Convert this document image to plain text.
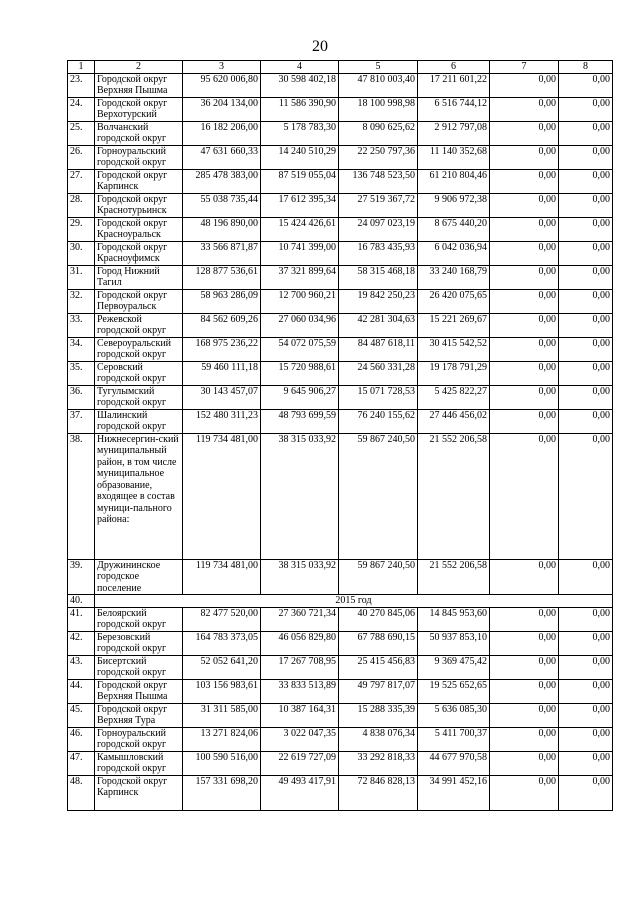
20
1	2	3	4	5	6	7	8
23.	Городской округ Верхняя Пышма	95 620 006,80	30 598 402,18	47 810 003,40	17 211 601,22	0,00	0,00
24.	Городской округ Верхотурский	36 204 134,00	11 586 390,90	18 100 998,98	6 516 744,12	0,00	0,00
25.	Волчанский городской округ	16 182 206,00	5 178 783,30	8 090 625,62	2 912 797,08	0,00	0,00
26.	Горноуральский городской округ	47 631 660,33	14 240 510,29	22 250 797,36	11 140 352,68	0,00	0,00
27.	Городской округ Карпинск	285 478 383,00	87 519 055,04	136 748 523,50	61 210 804,46	0,00	0,00
28.	Городской округ Краснотурьинск	55 038 735,44	17 612 395,34	27 519 367,72	9 906 972,38	0,00	0,00
29.	Городской округ Красноуральск	48 196 890,00	15 424 426,61	24 097 023,19	8 675 440,20	0,00	0,00
30.	Городской округ Красноуфимск	33 566 871,87	10 741 399,00	16 783 435,93	6 042 036,94	0,00	0,00
31.	Город Нижний Тагил	128 877 536,61	37 321 899,64	58 315 468,18	33 240 168,79	0,00	0,00
32.	Городской округ Первоуральск	58 963 286,09	12 700 960,21	19 842 250,23	26 420 075,65	0,00	0,00
33.	Режевской городской округ	84 562 609,26	27 060 034,96	42 281 304,63	15 221 269,67	0,00	0,00
34.	Североуральский городской округ	168 975 236,22	54 072 075,59	84 487 618,11	30 415 542,52	0,00	0,00
35.	Серовский городской округ	59 460 111,18	15 720 988,61	24 560 331,28	19 178 791,29	0,00	0,00
36.	Тугулымский городской округ	30 143 457,07	9 645 906,27	15 071 728,53	5 425 822,27	0,00	0,00
37.	Шалинский городской округ	152 480 311,23	48 793 699,59	76 240 155,62	27 446 456,02	0,00	0,00
38.	Нижнесергин-ский муниципальный район, в том числе муниципальное образование, входящее в состав муници-пального района:	119 734 481,00	38 315 033,92	59 867 240,50	21 552 206,58	0,00	0,00
39.	Дружининское городское поселение	119 734 481,00	38 315 033,92	59 867 240,50	21 552 206,58	0,00	0,00
40.	2015 год						
41.	Белоярский городской округ	82 477 520,00	27 360 721,34	40 270 845,06	14 845 953,60	0,00	0,00
42.	Березовский городской округ	164 783 373,05	46 056 829,80	67 788 690,15	50 937 853,10	0,00	0,00
43.	Бисертский городской округ	52 052 641,20	17 267 708,95	25 415 456,83	9 369 475,42	0,00	0,00
44.	Городской округ Верхняя Пышма	103 156 983,61	33 833 513,89	49 797 817,07	19 525 652,65	0,00	0,00
45.	Городской округ Верхняя Тура	31 311 585,00	10 387 164,31	15 288 335,39	5 636 085,30	0,00	0,00
46.	Горноуральский городской округ	13 271 824,06	3 022 047,35	4 838 076,34	5 411 700,37	0,00	0,00
47.	Камышловский городской округ	100 590 516,00	22 619 727,09	33 292 818,33	44 677 970,58	0,00	0,00
48.	Городской округ Карпинск	157 331 698,20	49 493 417,91	72 846 828,13	34 991 452,16	0,00	0,00
